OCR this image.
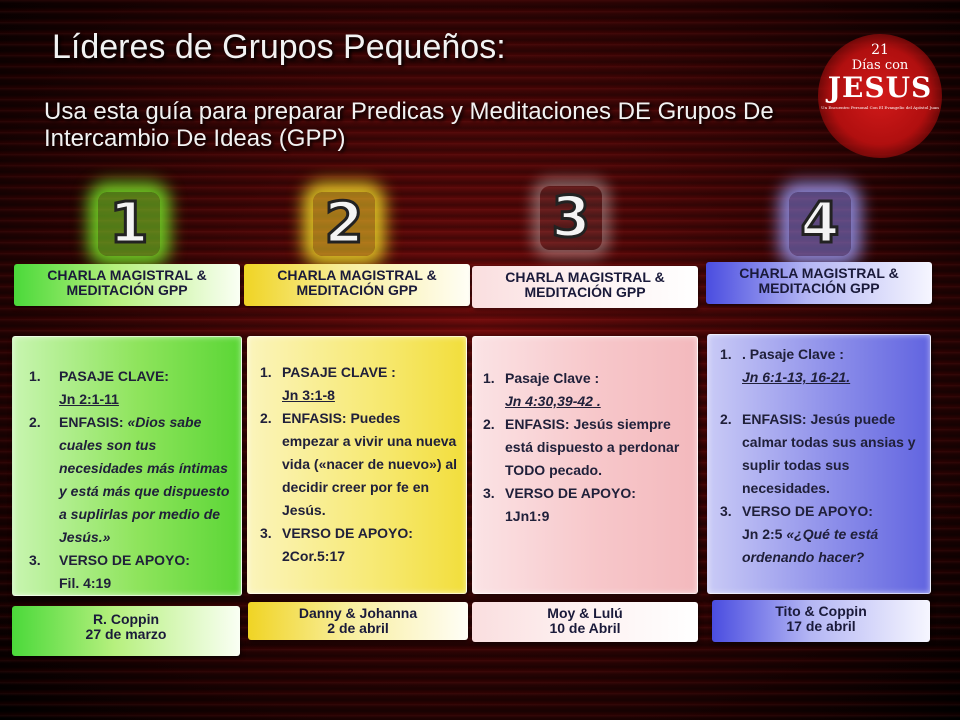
Líderes de Grupos Pequeños:
Usa esta guía para preparar Predicas y Meditaciones DE Grupos De
Intercambio De Ideas (GPP)
21
Días con
JESUS
Un Encuentro Personal Con El Evangelio del Apóstol Juan
1	2	3	4
CHARLA MAGISTRAL &
MEDITACIÓN GPP
CHARLA MAGISTRAL &
MEDITACIÓN GPP
CHARLA MAGISTRAL &
MEDITACIÓN GPP
CHARLA MAGISTRAL &
MEDITACIÓN GPP
1. PASAJE CLAVE:
Jn 2:1-11
2. ENFASIS: «Dios sabe cuales son tus necesidades más íntimas y está más que dispuesto a suplirlas por medio de Jesús.»
3. VERSO DE APOYO:
Fil. 4:19
1. PASAJE CLAVE :
Jn 3:1-8
2. ENFASIS: Puedes empezar a vivir una nueva vida («nacer de nuevo») al decidir creer por fe en Jesús.
3. VERSO DE APOYO:
2Cor.5:17
1. Pasaje Clave :
Jn 4:30,39-42 .
2. ENFASIS: Jesús siempre está dispuesto a perdonar TODO pecado.
3. VERSO DE APOYO:
1Jn1:9
1. . Pasaje Clave :
Jn 6:1-13, 16-21.
2. ENFASIS: Jesús puede calmar todas sus ansias y suplir todas sus necesidades.
3. VERSO DE APOYO:
Jn 2:5 «¿Qué te está ordenando hacer?
R. Coppin
27 de marzo
Danny & Johanna
2 de abril
Moy & Lulú
10 de Abril
Tito & Coppin
17 de abril
